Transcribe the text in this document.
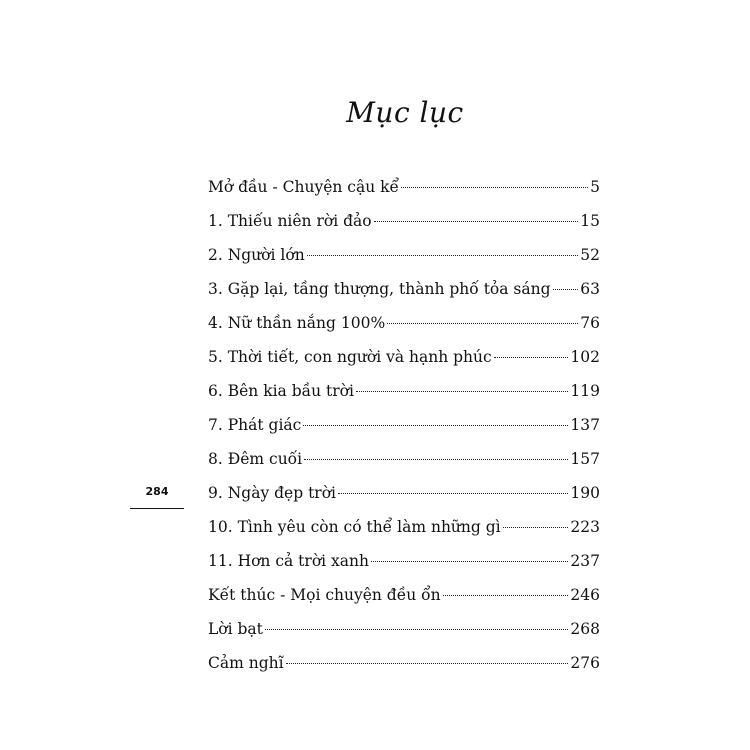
Mục lục
Mở đầu - Chuyện cậu kể	5
1. Thiếu niên rời đảo	15
2. Người lớn	52
3. Gặp lại, tầng thượng, thành phố tỏa sáng 63
4. Nữ thần nắng 100%	76
5. Thời tiết, con người và hạnh phúc	102
6. Bên kia bầu trời	119
7. Phát giác	137
8. Đêm cuối	157
9. Ngày đẹp trời	190
10. Tình yêu còn có thể làm những gì	223
11. Hơn cả trời xanh	237
Kết thúc - Mọi chuyện đều ổn	246
Lời bạt	268
Cảm nghĩ	276
284
